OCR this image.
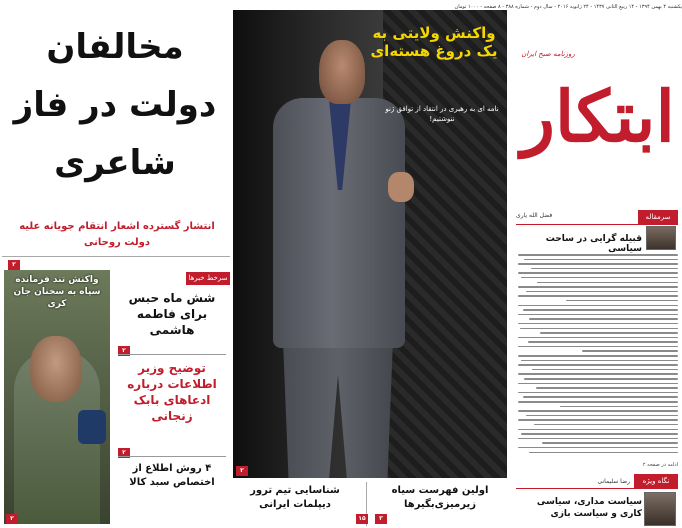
یکشنبه ۴ بهمن ۱۳۹۴ - ۱۴ ربیع الثانی ۱۴۳۷ - ۲۴ ژانویه ۲۰۱۶ - سال دوم - شماره ۳۸۸ - ۸ صفحه - ۱۰۰۰ تومان
روزنامه صبح ایران
ابتکار
سرمقاله
فضل الله یاری
قبیله گرایی در ساحت سیاسی
ادامه در صفحه ۲
نگاه ویژه
رضا سلیمانی
سیاست مداری، سیاسی کاری و سیاست بازی
واکنش ولایتی به یک دروغ هسته‌ای
نامه ای به رهبری در انتقاد از توافق ژنو ننوشتیم!
۲
مخالفان دولت در فاز شاعری
انتشار گسترده اشعار انتقام جویانه علیه دولت روحانی
۲
واکنش تند فرمانده سپاه به سخنان جان کری
۲
سرخط خبرها
شش ماه حبس برای فاطمه هاشمی
۲
توضیح وزیر اطلاعات درباره ادعاهای بابک زنجانی
۲
۴ روش اطلاع از اختصاص سبد کالا
اولین فهرست سیاه زیرمیزی‌بگیرها
۳
۱۵
شناسایی تیم ترور دیپلمات ایرانی
